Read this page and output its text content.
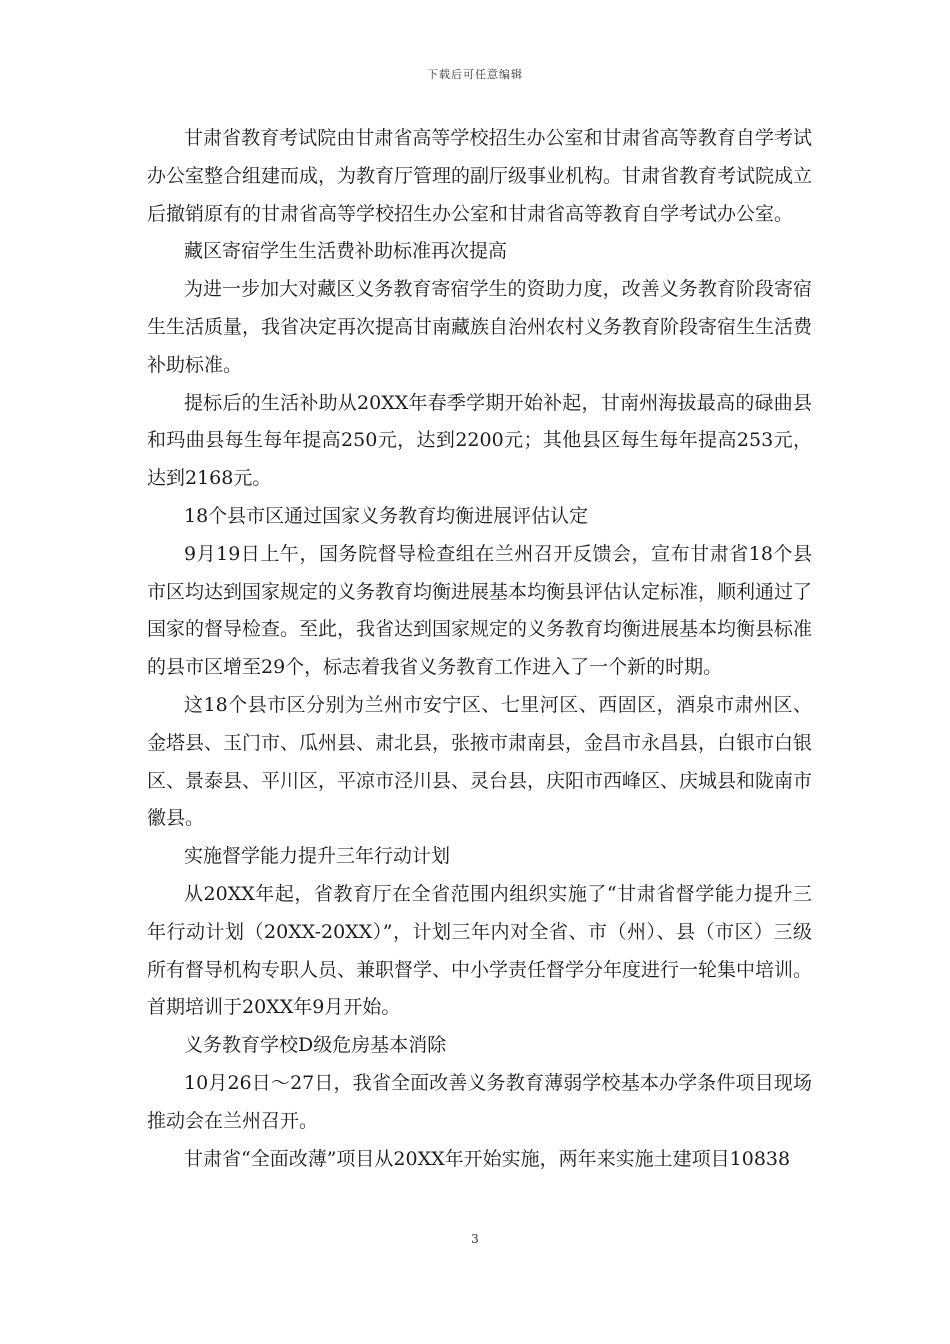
下载后可任意编辑

甘肃省教育考试院由甘肃省高等学校招生办公室和甘肃省高等教育自学考试办公室整合组建而成，为教育厅管理的副厅级事业机构。甘肃省教育考试院成立后撤销原有的甘肃省高等学校招生办公室和甘肃省高等教育自学考试办公室。

藏区寄宿学生生活费补助标准再次提高

为进一步加大对藏区义务教育寄宿学生的资助力度，改善义务教育阶段寄宿生生活质量，我省决定再次提高甘南藏族自治州农村义务教育阶段寄宿生生活费补助标准。

提标后的生活补助从20XX年春季学期开始补起，甘南州海拔最高的碌曲县和玛曲县每生每年提高250元，达到2200元；其他县区每生每年提高253元，达到2168元。

18个县市区通过国家义务教育均衡进展评估认定

9月19日上午，国务院督导检查组在兰州召开反馈会，宣布甘肃省18个县市区均达到国家规定的义务教育均衡进展基本均衡县评估认定标准，顺利通过了国家的督导检查。至此，我省达到国家规定的义务教育均衡进展基本均衡县标准的县市区增至29个，标志着我省义务教育工作进入了一个新的时期。

这18个县市区分别为兰州市安宁区、七里河区、西固区，酒泉市肃州区、金塔县、玉门市、瓜州县、肃北县，张掖市肃南县，金昌市永昌县，白银市白银区、景泰县、平川区，平凉市泾川县、灵台县，庆阳市西峰区、庆城县和陇南市徽县。

实施督学能力提升三年行动计划

从20XX年起，省教育厅在全省范围内组织实施了“甘肃省督学能力提升三年行动计划（20XX-20XX）”，计划三年内对全省、市（州）、县（市区）三级所有督导机构专职人员、兼职督学、中小学责任督学分年度进行一轮集中培训。首期培训于20XX年9月开始。

义务教育学校D级危房基本消除

10月26日～27日，我省全面改善义务教育薄弱学校基本办学条件项目现场推动会在兰州召开。

甘肃省“全面改薄”项目从20XX年开始实施，两年来实施土建项目10838

3
